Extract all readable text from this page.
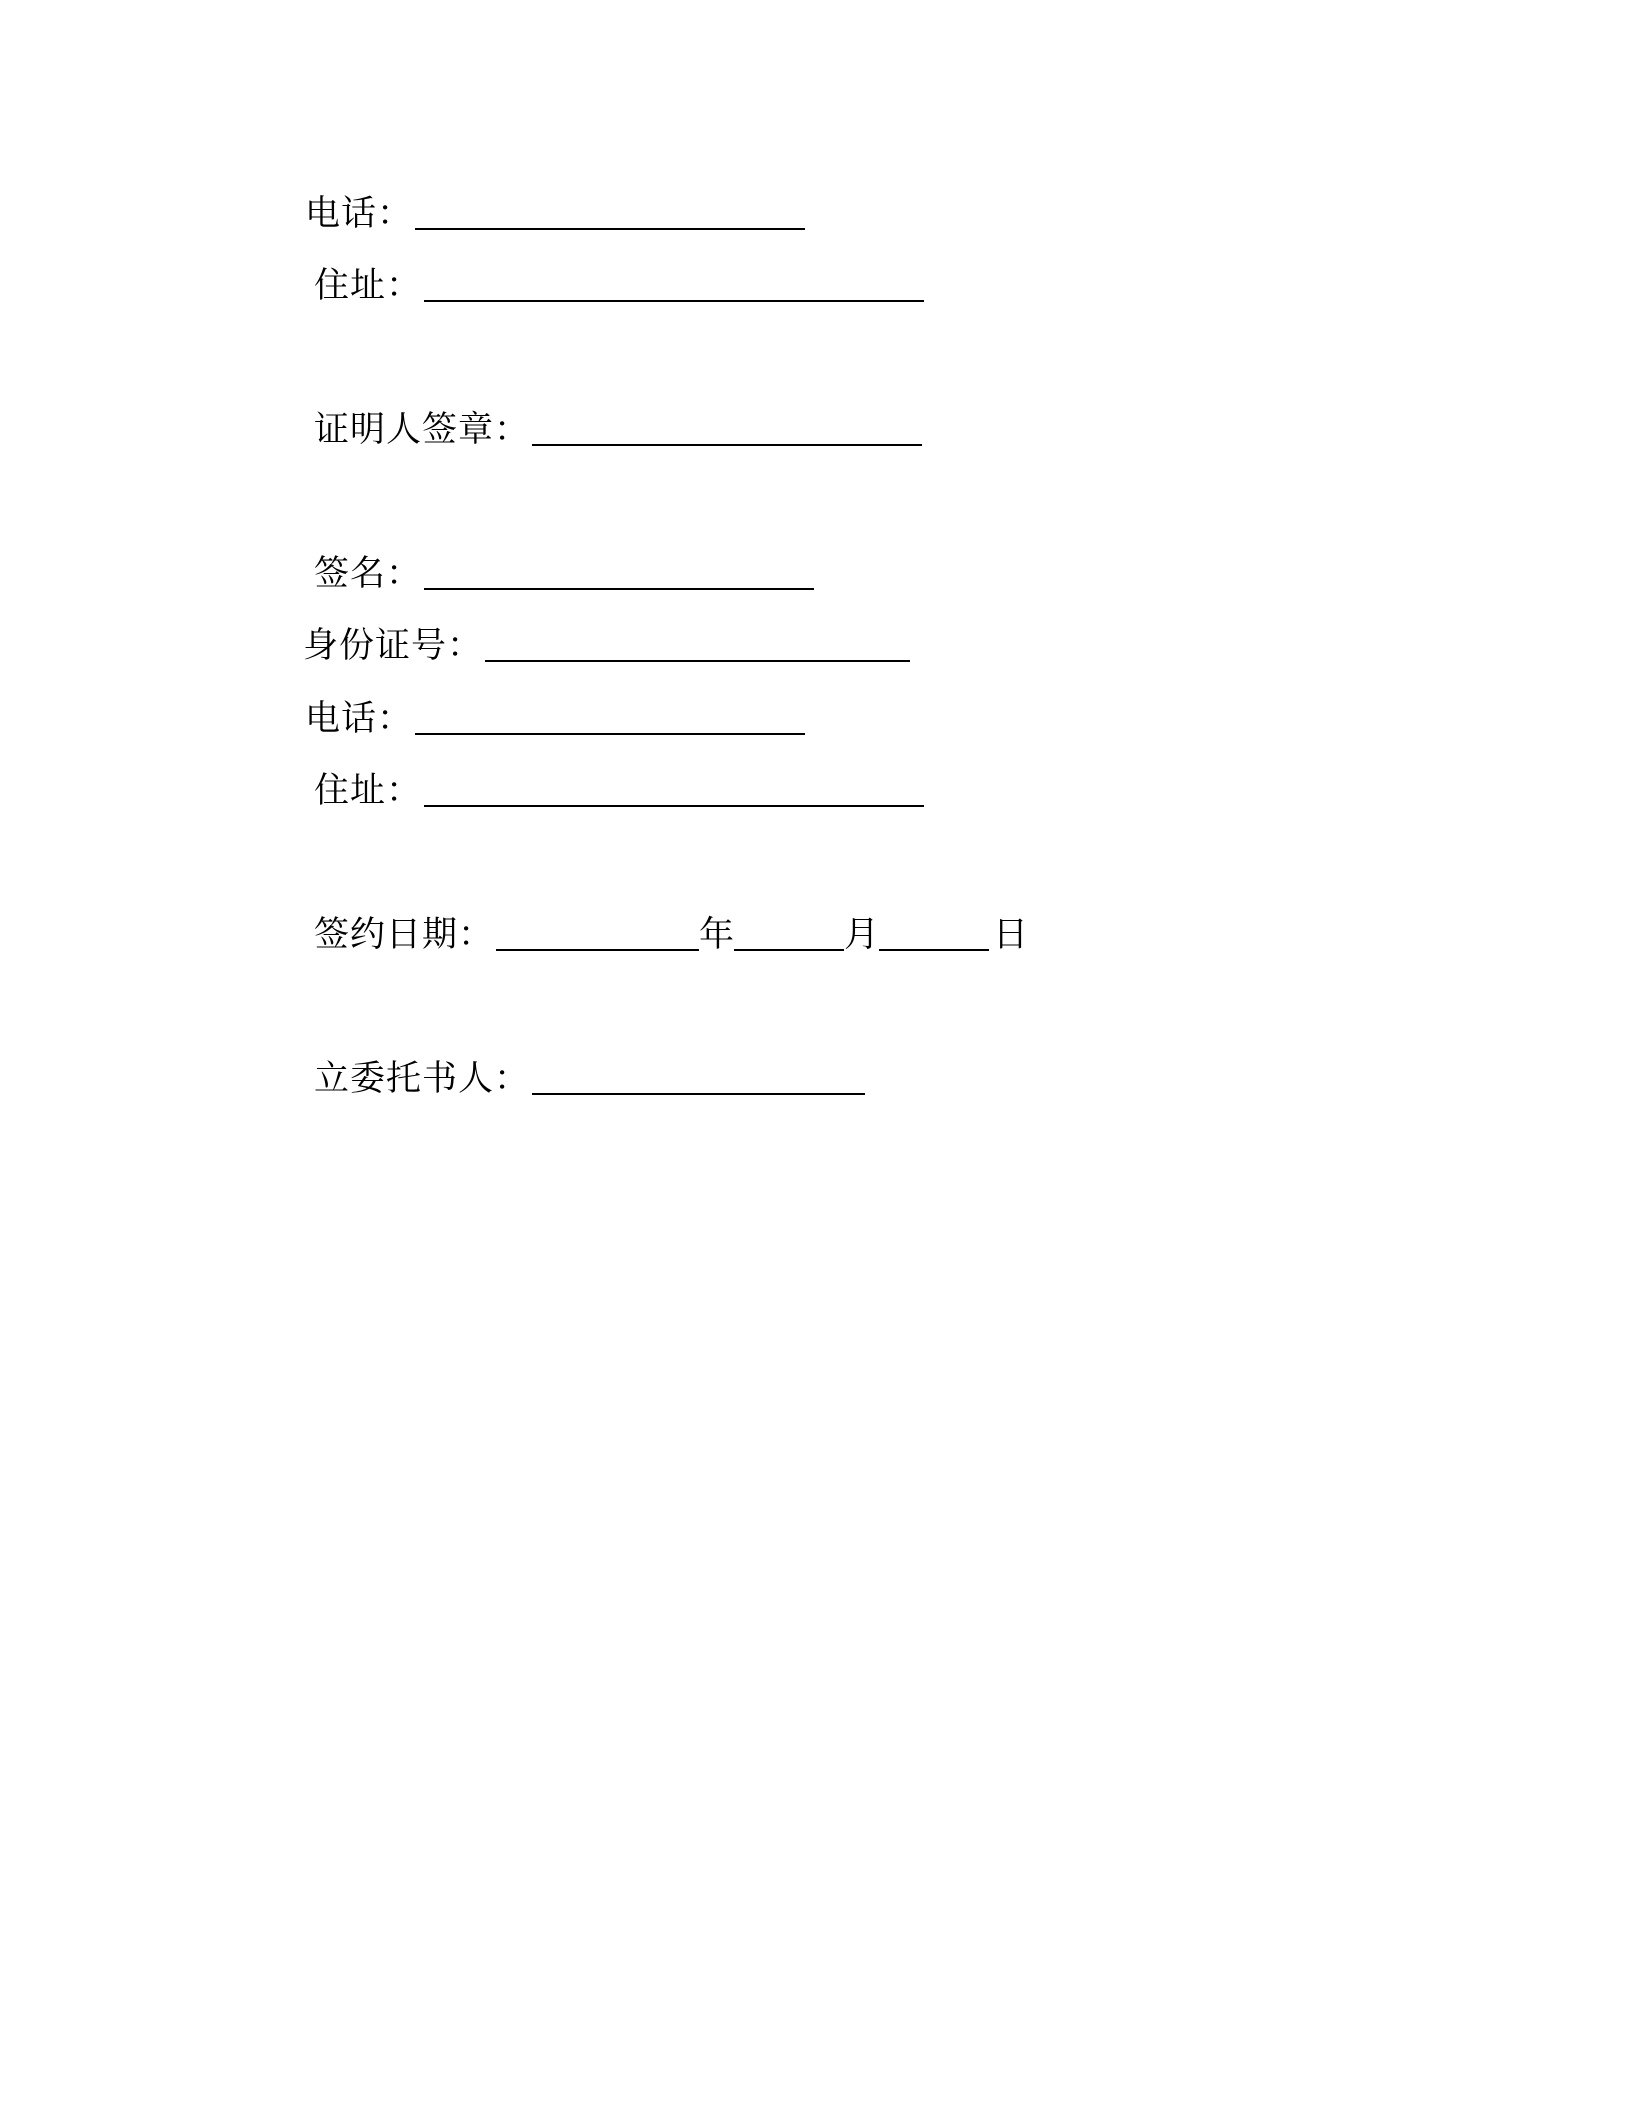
电话：
住址：
证明人签章：
签名：
身份证号：
电话：
住址：
签约日期：	年	月	日
立委托书人：
